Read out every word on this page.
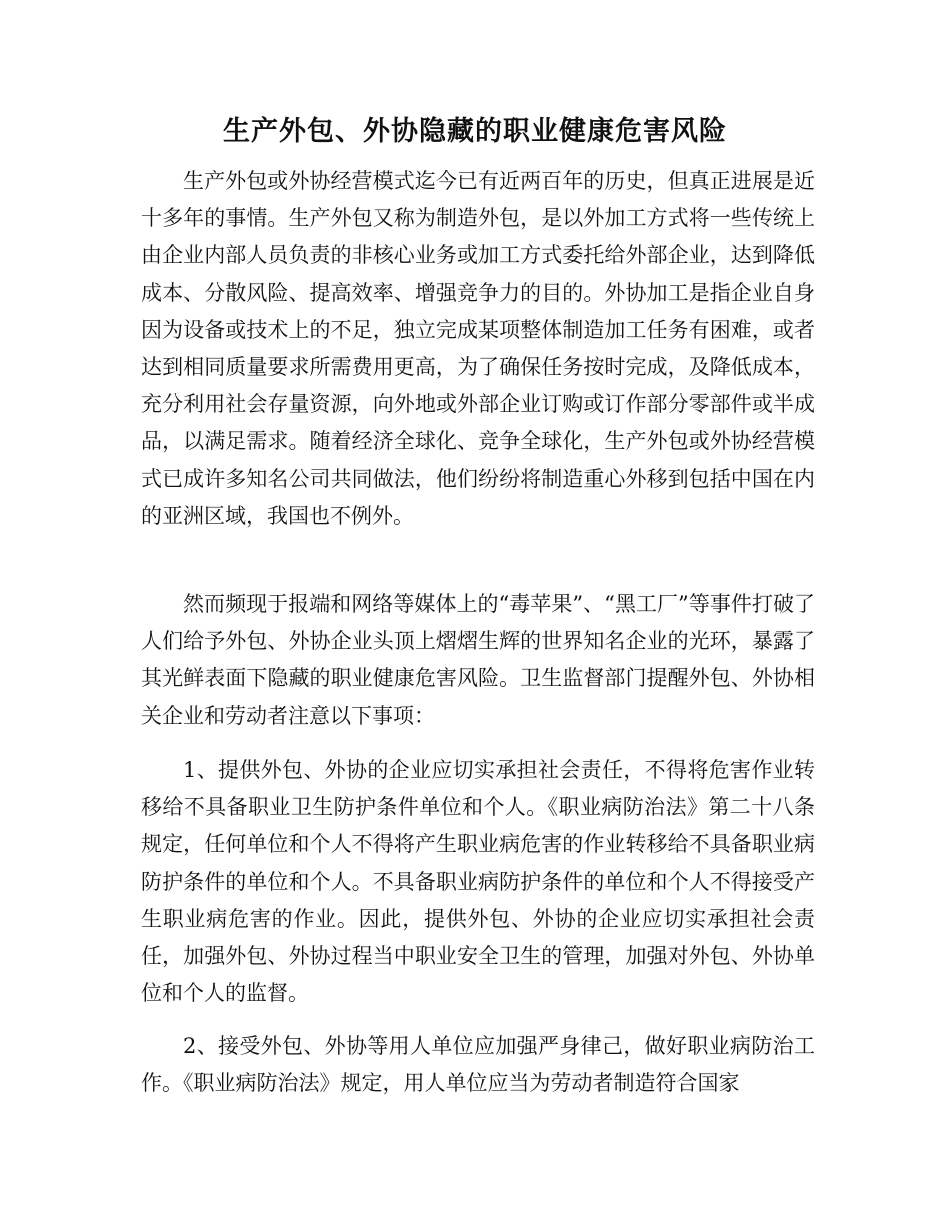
生产外包、外协隐藏的职业健康危害风险

生产外包或外协经营模式迄今已有近两百年的历史，但真正进展是近十多年的事情。生产外包又称为制造外包，是以外加工方式将一些传统上由企业内部人员负责的非核心业务或加工方式委托给外部企业，达到降低成本、分散风险、提高效率、增强竞争力的目的。外协加工是指企业自身因为设备或技术上的不足，独立完成某项整体制造加工任务有困难，或者达到相同质量要求所需费用更高，为了确保任务按时完成，及降低成本，充分利用社会存量资源，向外地或外部企业订购或订作部分零部件或半成品，以满足需求。随着经济全球化、竞争全球化，生产外包或外协经营模式已成许多知名公司共同做法，他们纷纷将制造重心外移到包括中国在内的亚洲区域，我国也不例外。

然而频现于报端和网络等媒体上的“毒苹果”、“黑工厂”等事件打破了人们给予外包、外协企业头顶上熠熠生辉的世界知名企业的光环，暴露了其光鲜表面下隐藏的职业健康危害风险。卫生监督部门提醒外包、外协相关企业和劳动者注意以下事项：

1、提供外包、外协的企业应切实承担社会责任，不得将危害作业转移给不具备职业卫生防护条件单位和个人。《职业病防治法》第二十八条规定，任何单位和个人不得将产生职业病危害的作业转移给不具备职业病防护条件的单位和个人。不具备职业病防护条件的单位和个人不得接受产生职业病危害的作业。因此，提供外包、外协的企业应切实承担社会责任，加强外包、外协过程当中职业安全卫生的管理，加强对外包、外协单位和个人的监督。

2、接受外包、外协等用人单位应加强严身律己，做好职业病防治工作。《职业病防治法》规定，用人单位应当为劳动者制造符合国家
